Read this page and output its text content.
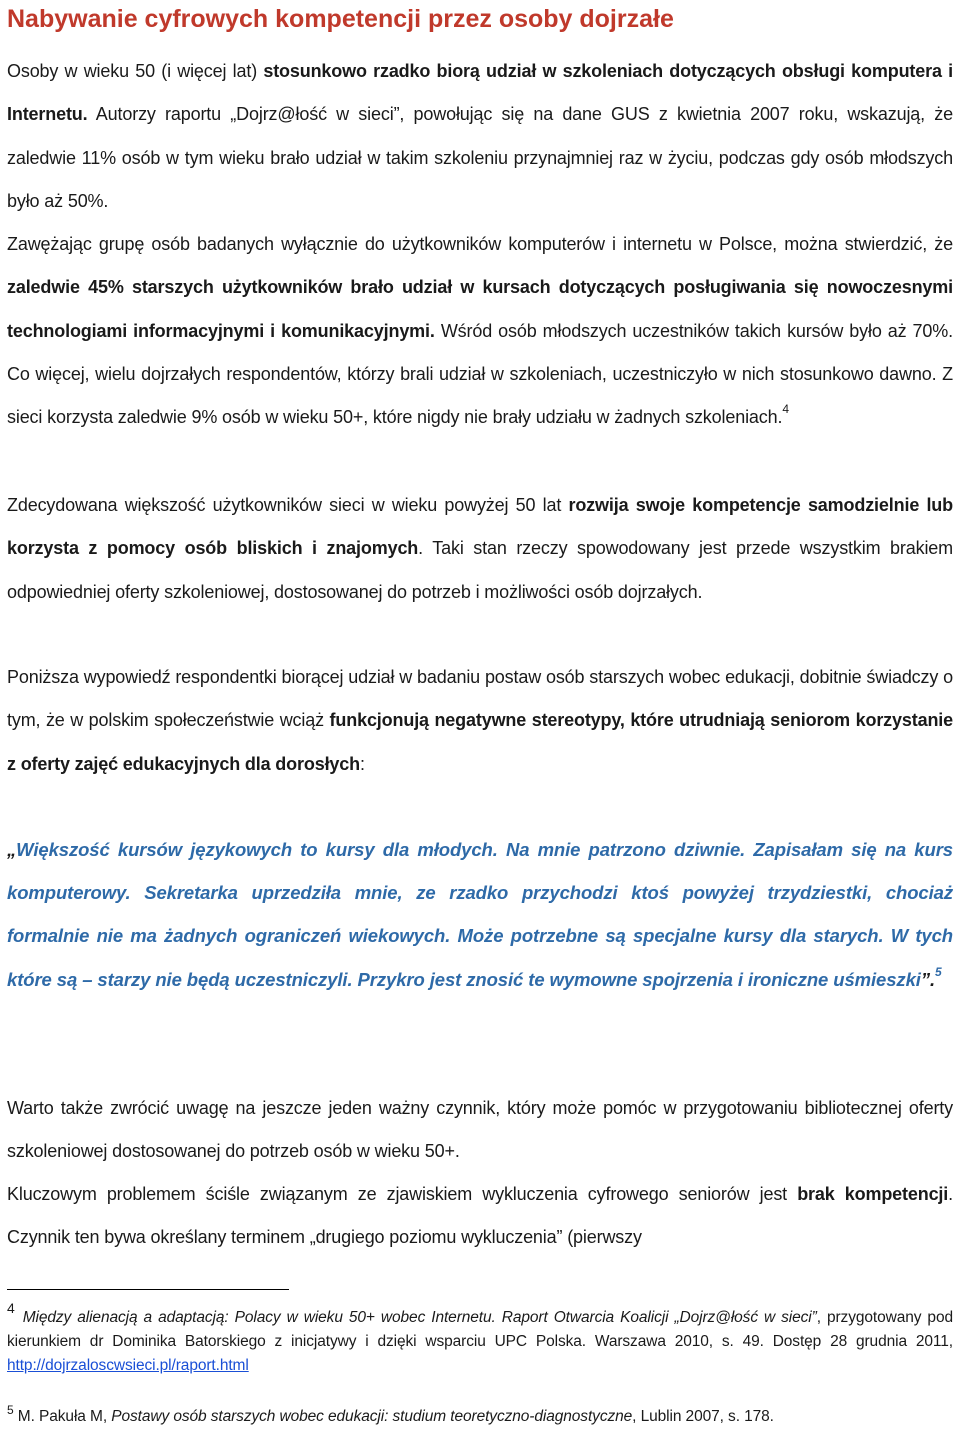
Nabywanie cyfrowych kompetencji przez osoby dojrzałe
Osoby w wieku 50 (i więcej lat) stosunkowo rzadko biorą udział w szkoleniach dotyczących obsługi komputera i Internetu. Autorzy raportu „Dojrz@łość w sieci”, powołując się na dane GUS z kwietnia 2007 roku, wskazują, że zaledwie 11% osób w tym wieku brało udział w takim szkoleniu przynajmniej raz w życiu, podczas gdy osób młodszych było aż 50%.
Zawężając grupę osób badanych wyłącznie do użytkowników komputerów i internetu w Polsce, można stwierdzić, że zaledwie 45% starszych użytkowników brało udział w kursach dotyczących posługiwania się nowoczesnymi technologiami informacyjnymi i komunikacyjnymi. Wśród osób młodszych uczestników takich kursów było aż 70%. Co więcej, wielu dojrzałych respondentów, którzy brali udział w szkoleniach, uczestniczyło w nich stosunkowo dawno. Z sieci korzysta zaledwie 9% osób w wieku 50+, które nigdy nie brały udziału w żadnych szkoleniach.$^4$
Zdecydowana większość użytkowników sieci w wieku powyżej 50 lat rozwija swoje kompetencje samodzielnie lub korzysta z pomocy osób bliskich i znajomych. Taki stan rzeczy spowodowany jest przede wszystkim brakiem odpowiedniej oferty szkoleniowej, dostosowanej do potrzeb i możliwości osób dojrzałych.
Poniższa wypowiedź respondentki biorącej udział w badaniu postaw osób starszych wobec edukacji, dobitnie świadczy o tym, że w polskim społeczeństwie wciąż funkcjonują negatywne stereotypy, które utrudniają seniorom korzystanie z oferty zajęć edukacyjnych dla dorosłych:
„Większość kursów językowych to kursy dla młodych. Na mnie patrzono dziwnie. Zapisałam się na kurs komputerowy. Sekretarka uprzedziła mnie, ze rzadko przychodzi ktoś powyżej trzydziestki, chociaż formalnie nie ma żadnych ograniczeń wiekowych. Może potrzebne są specjalne kursy dla starych. W tych które są – starzy nie będą uczestniczyli. Przykro jest znosić te wymowne spojrzenia i ironiczne uśmieszki”.$^5$
Warto także zwrócić uwagę na jeszcze jeden ważny czynnik, który może pomóc w przygotowaniu bibliotecznej oferty szkoleniowej dostosowanej do potrzeb osób w wieku 50+.
Kluczowym problemem ściśle związanym ze zjawiskiem wykluczenia cyfrowego seniorów jest brak kompetencji. Czynnik ten bywa określany terminem „drugiego poziomu wykluczenia” (pierwszy
4Między alienacją a adaptacją: Polacy w wieku 50+ wobec Internetu. Raport Otwarcia Koalicji „Dojrz@łość w sieci”, przygotowany pod kierunkiem dr Dominika Batorskiego z inicjatywy i dzięki wsparciu UPC Polska. Warszawa 2010, s. 49. Dostęp 28 grudnia 2011, http://dojrzaloscwsieci.pl/raport.html
$^5$ M. Pakuła M, Postawy osób starszych wobec edukacji: studium teoretyczno-diagnostyczne, Lublin 2007, s. 178.
